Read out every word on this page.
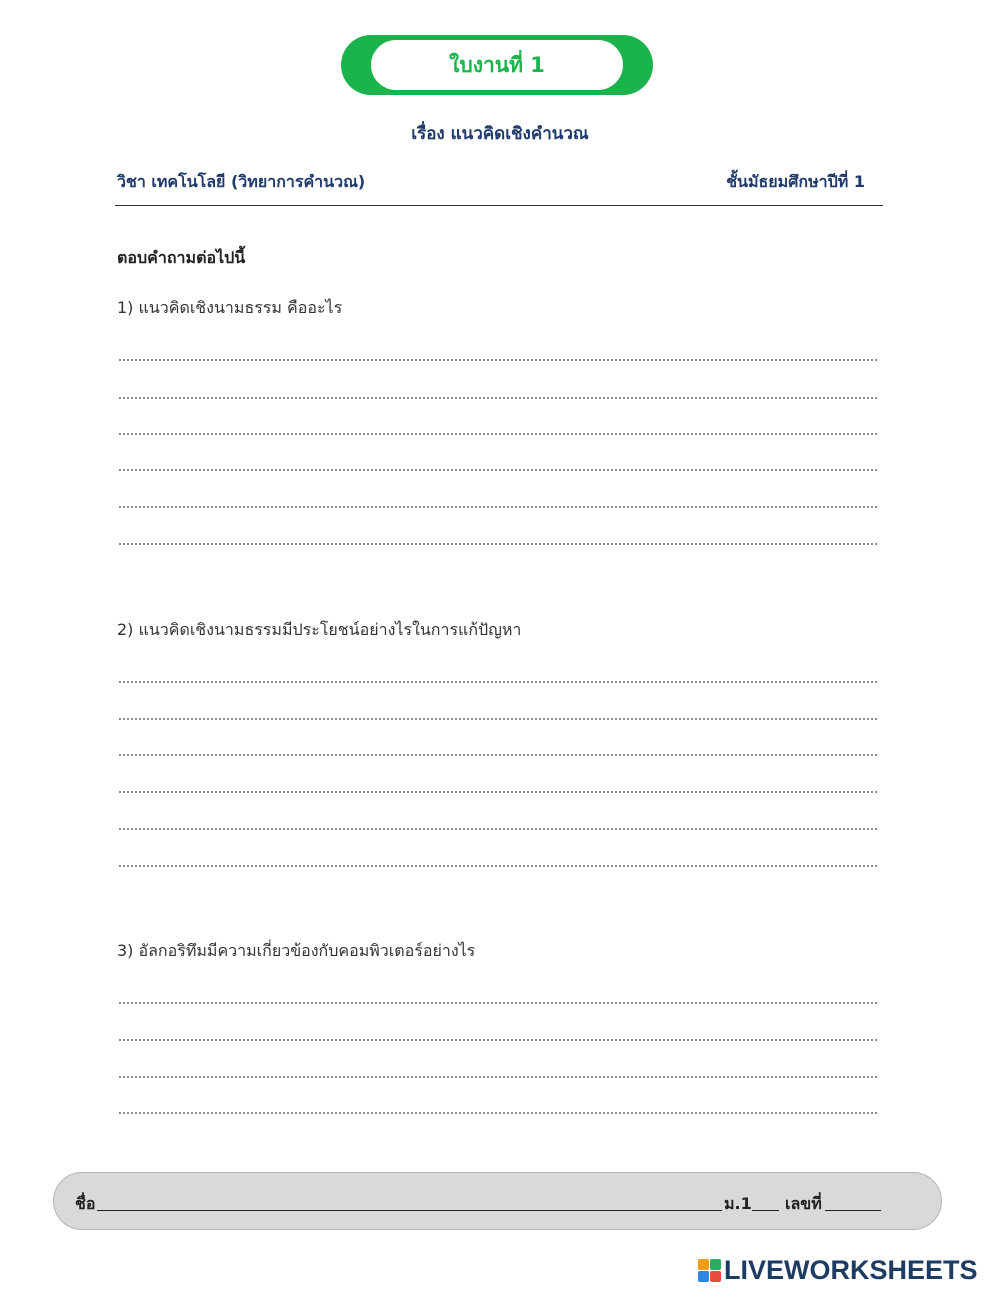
ใบงานที่ 1
เรื่อง แนวคิดเชิงคำนวณ
วิชา เทคโนโลยี (วิทยาการคำนวณ)	ชั้นมัธยมศึกษาปีที่ 1
ตอบคำถามต่อไปนี้
1) แนวคิดเชิงนามธรรม คืออะไร
2) แนวคิดเชิงนามธรรมมีประโยชน์อย่างไรในการแก้ปัญหา
3) อัลกอริทึมมีความเกี่ยวข้องกับคอมพิวเตอร์อย่างไร
ชื่อ	ม.1 เลขที่
LIVEWORKSHEETS
